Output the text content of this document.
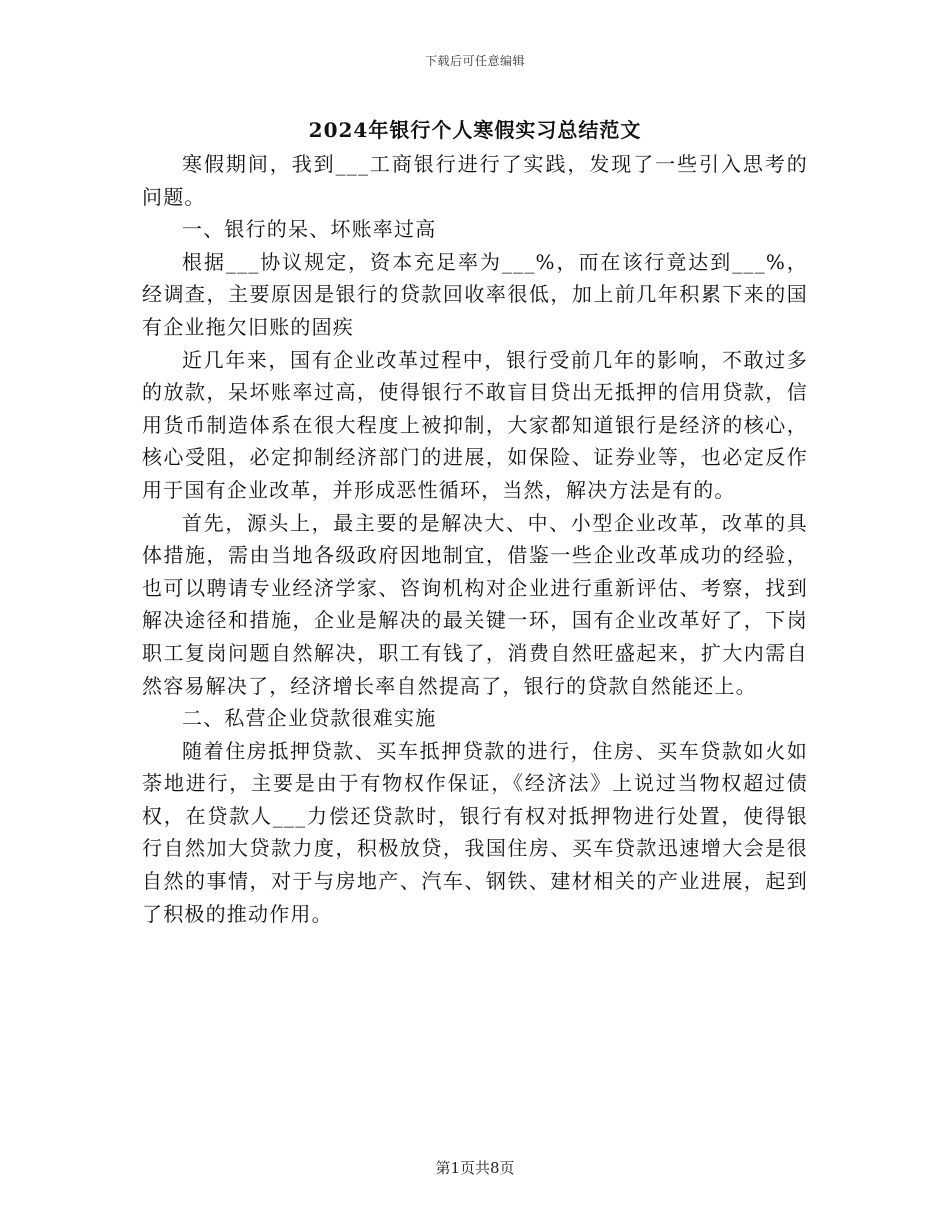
下载后可任意编辑
2024年银行个人寒假实习总结范文

寒假期间，我到___工商银行进行了实践，发现了一些引入思考的问题。

一、银行的呆、坏账率过高

根据___协议规定，资本充足率为___%，而在该行竟达到___%，经调查，主要原因是银行的贷款回收率很低，加上前几年积累下来的国有企业拖欠旧账的固疾

近几年来，国有企业改革过程中，银行受前几年的影响，不敢过多的放款，呆坏账率过高，使得银行不敢盲目贷出无抵押的信用贷款，信用货币制造体系在很大程度上被抑制，大家都知道银行是经济的核心，核心受阻，必定抑制经济部门的进展，如保险、证券业等，也必定反作用于国有企业改革，并形成恶性循环，当然，解决方法是有的。

首先，源头上，最主要的是解决大、中、小型企业改革，改革的具体措施，需由当地各级政府因地制宜，借鉴一些企业改革成功的经验，也可以聘请专业经济学家、咨询机构对企业进行重新评估、考察，找到解决途径和措施，企业是解决的最关键一环，国有企业改革好了，下岗职工复岗问题自然解决，职工有钱了，消费自然旺盛起来，扩大内需自然容易解决了，经济增长率自然提高了，银行的贷款自然能还上。

二、私营企业贷款很难实施

随着住房抵押贷款、买车抵押贷款的进行，住房、买车贷款如火如荼地进行，主要是由于有物权作保证，《经济法》上说过当物权超过债权，在贷款人___力偿还贷款时，银行有权对抵押物进行处置，使得银行自然加大贷款力度，积极放贷，我国住房、买车贷款迅速增大会是很自然的事情，对于与房地产、汽车、钢铁、建材相关的产业进展，起到了积极的推动作用。

第1页共8页
